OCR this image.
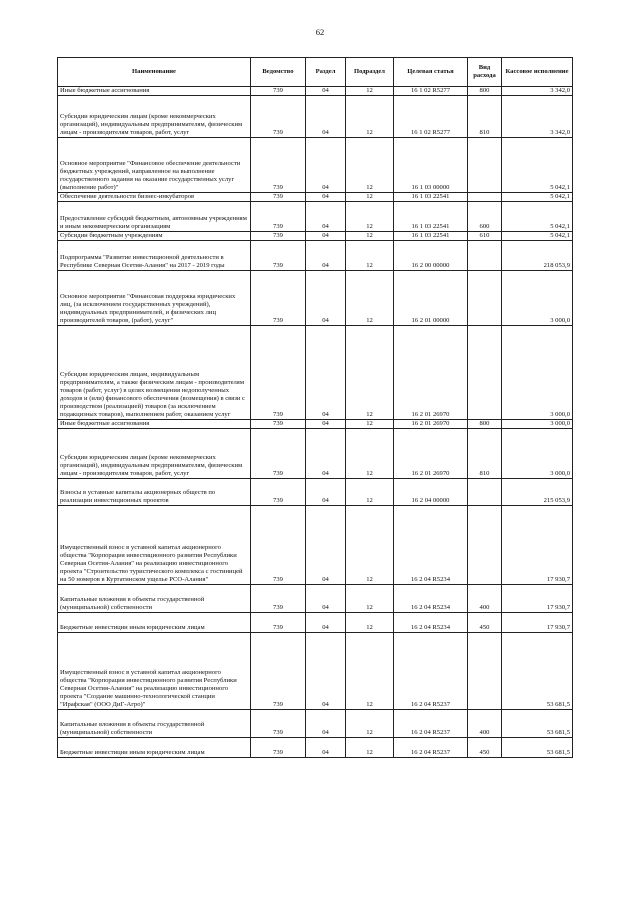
62
Наименование	Ведомство	Раздел	Подраздел	Целевая статья	Вид расхода	Кассовое исполнение
Иные бюджетные ассигнования	739	04	12	16 1 02 R5277	800	3 342,0
Субсидии юридическим лицам (кроме некоммерческих организаций), индивидуальным предпринимателям, физическим лицам - производителям товаров, работ, услуг	739	04	12	16 1 02 R5277	810	3 342,0
Основное мероприятие "Финансовое обеспечение деятельности бюджетных учреждений, направленное на выполнение государственного задания на оказание государственных услуг (выполнение работ)"	739	04	12	16 1 03 00000		5 042,1
Обеспечение деятельности бизнес-инкубаторов	739	04	12	16 1 03 22541		5 042,1
Предоставление субсидий бюджетным, автономным учреждениям и иным некоммерческим организациям	739	04	12	16 1 03 22541	600	5 042,1
Субсидии бюджетным учреждениям	739	04	12	16 1 03 22541	610	5 042,1
Подпрограмма "Развитие инвестиционной деятельности в Республике Северная Осетия-Алания" на 2017 - 2019 годы	739	04	12	16 2 00 00000		218 053,9
Основное мероприятие "Финансовая поддержка юридических лиц, (за исключением государственных учреждений), индивидуальных предпринимателей, и физических лиц производителей товаров, (работ), услуг"	739	04	12	16 2 01 00000		3 000,0
Субсидии юридическим лицам, индивидуальным предпринимателям, а также физическим лицам - производителям товаров (работ, услуг) в целях возмещения недополученных доходов и (или) финансового обеспечения (возмещения) в связи с производством (реализацией) товаров (за исключением подакцизных товаров), выполнением работ, оказанием услуг	739	04	12	16 2 01 26970		3 000,0
Иные бюджетные ассигнования	739	04	12	16 2 01 26970	800	3 000,0
Субсидии юридическим лицам (кроме некоммерческих организаций), индивидуальным предпринимателям, физическим лицам - производителям товаров, работ, услуг	739	04	12	16 2 01 26970	810	3 000,0
Взносы в уставные капиталы акционерных обществ по реализации инвестиционных проектов	739	04	12	16 2 04 00000		215 053,9
Имущественный взнос в уставной капитал акционерного общества "Корпорация инвестиционного развития Республики Северная Осетия-Алания" на реализацию инвестиционного проекта "Строительство туристического комплекса с гостиницей на 50 номеров в Куртатинском ущелье РСО-Алания"	739	04	12	16 2 04 R5234		17 930,7
Капитальные вложения в объекты государственной (муниципальной) собственности	739	04	12	16 2 04 R5234	400	17 930,7
Бюджетные инвестиции иным юридическим лицам	739	04	12	16 2 04 R5234	450	17 930,7
Имущественный взнос в уставной капитал акционерного общества "Корпорация инвестиционного развития Республики Северная Осетия-Алания" на реализацию инвестиционного проекта "Создание машинно-технологической станции "Ирафская" (ООО ДиГ-Агро)"	739	04	12	16 2 04 R5237		53 681,5
Капитальные вложения в объекты государственной (муниципальной) собственности	739	04	12	16 2 04 R5237	400	53 681,5
Бюджетные инвестиции иным юридическим лицам	739	04	12	16 2 04 R5237	450	53 681,5
